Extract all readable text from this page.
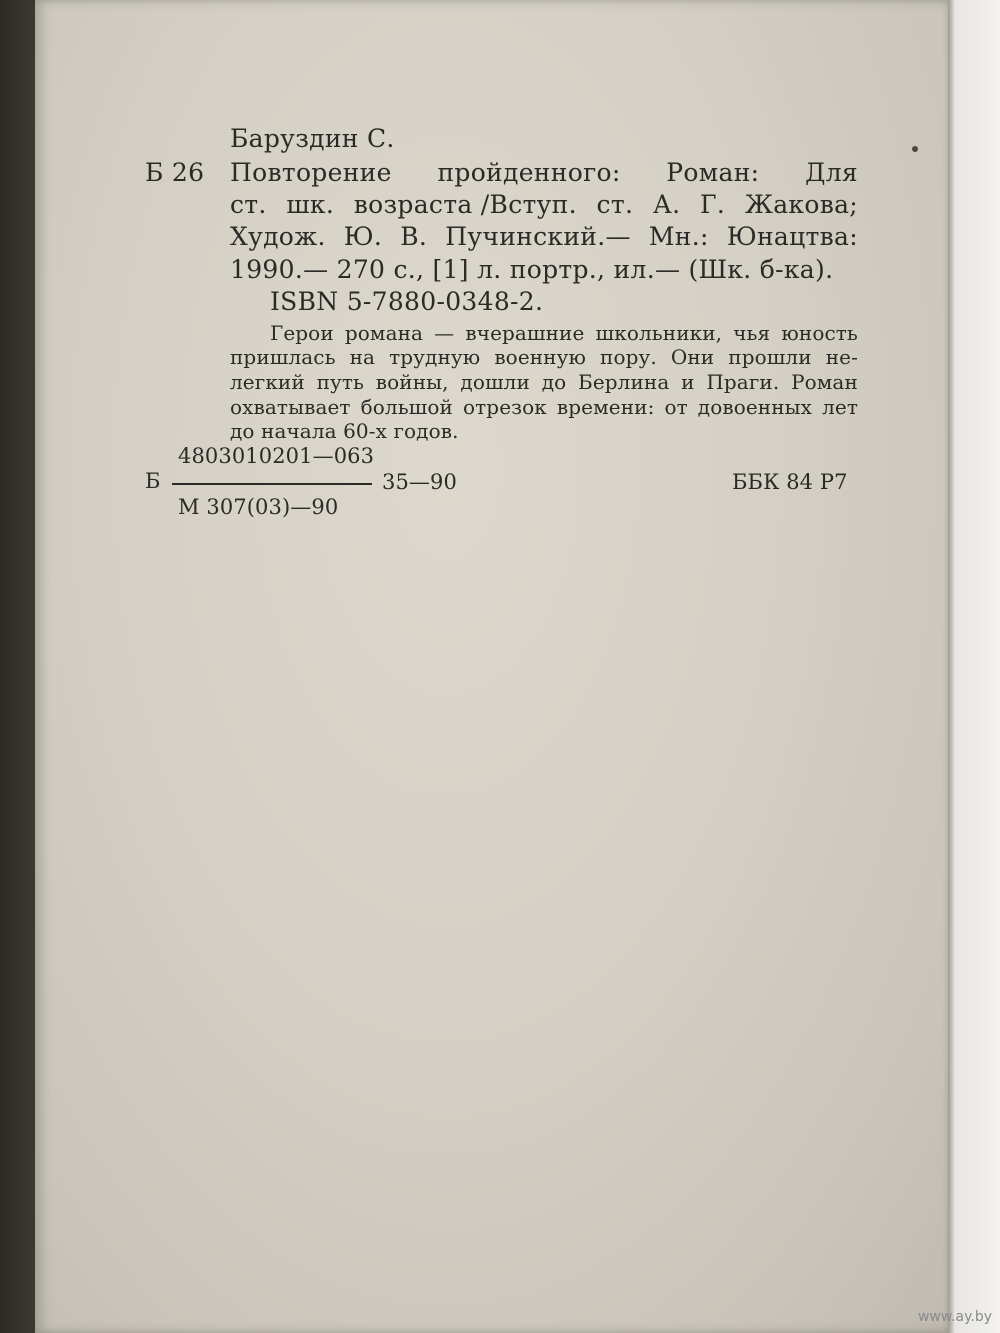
Баруздин С.
Б 26 Повторение пройденного: Роман: Для
ст. шк. возраста /Вступ. ст. А. Г. Жакова;
Худож. Ю. В. Пучинский.— Мн.: Юнацтва:
1990.— 270 с., [1] л. портр., ил.— (Шк. б-ка).
ISBN 5-7880-0348-2.
Герои романа — вчерашние школьники, чья юность
пришлась на трудную военную пору. Они прошли не-
легкий путь войны, дошли до Берлина и Праги. Роман
охватывает большой отрезок времени: от довоенных лет
до начала 60-х годов.
4803010201—063
Б	35—90
М 307(03)—90
ББК 84 Р7
www.ay.by
